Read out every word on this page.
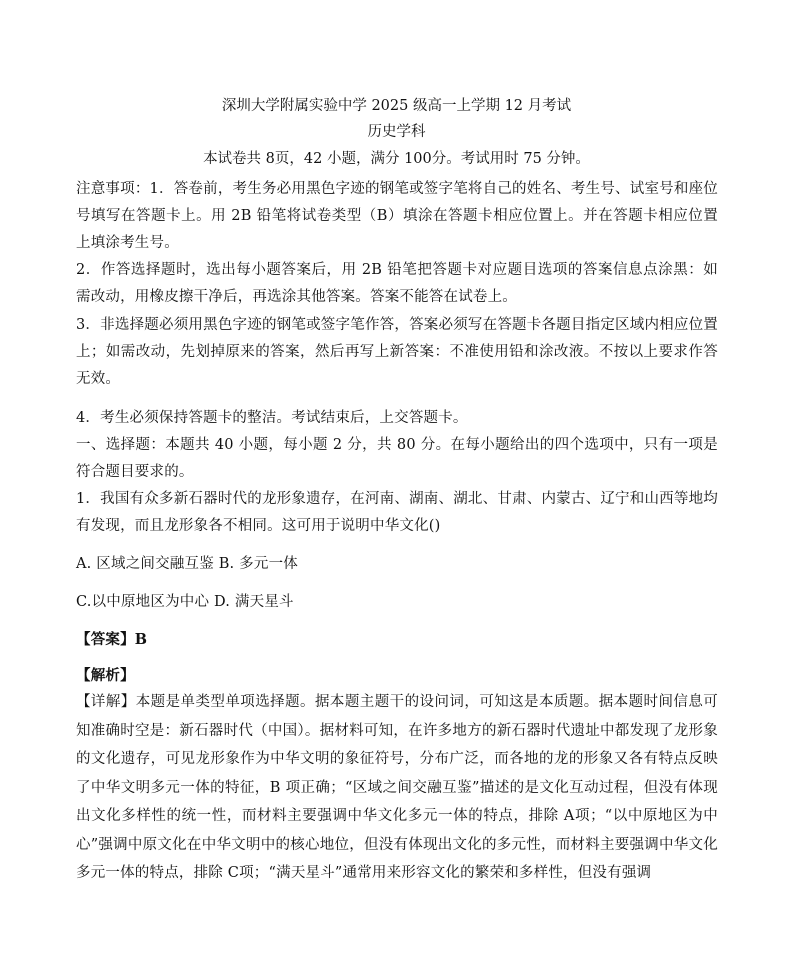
深圳大学附属实验中学 2025 级高一上学期 12 月考试
历史学科
本试卷共 8页，42 小题，满分 100分。考试用时 75 分钟。
注意事项：1．答卷前，考生务必用黑色字迹的钢笔或签字笔将自己的姓名、考生号、试室号和座位号填写在答题卡上。用 2B 铅笔将试卷类型（B）填涂在答题卡相应位置上。并在答题卡相应位置上填涂考生号。
2．作答选择题时，选出每小题答案后，用 2B 铅笔把答题卡对应题目选项的答案信息点涂黑：如需改动，用橡皮擦干净后，再选涂其他答案。答案不能答在试卷上。
3．非选择题必须用黑色字迹的钢笔或签字笔作答，答案必须写在答题卡各题目指定区域内相应位置上；如需改动，先划掉原来的答案，然后再写上新答案：不准使用铅和涂改液。不按以上要求作答无效。
4．考生必须保持答题卡的整洁。考试结束后，上交答题卡。
一、选择题：本题共 40 小题，每小题 2 分，共 80 分。在每小题给出的四个选项中，只有一项是符合题目要求的。
1．我国有众多新石器时代的龙形象遗存，在河南、湖南、湖北、甘肃、内蒙古、辽宁和山西等地均有发现，而且龙形象各不相同。这可用于说明中华文化()
A. 区域之间交融互鉴 B. 多元一体
C.以中原地区为中心 D. 满天星斗
【答案】B
【解析】
【详解】本题是单类型单项选择题。据本题主题干的设问词，可知这是本质题。据本题时间信息可知准确时空是：新石器时代（中国）。据材料可知，在许多地方的新石器时代遗址中都发现了龙形象的文化遗存，可见龙形象作为中华文明的象征符号，分布广泛，而各地的龙的形象又各有特点反映了中华文明多元一体的特征，B 项正确；“区域之间交融互鉴”描述的是文化互动过程，但没有体现出文化多样性的统一性，而材料主要强调中华文化多元一体的特点，排除 A项；“以中原地区为中心”强调中原文化在中华文明中的核心地位，但没有体现出文化的多元性，而材料主要强调中华文化多元一体的特点，排除 C项；“满天星斗”通常用来形容文化的繁荣和多样性，但没有强调
